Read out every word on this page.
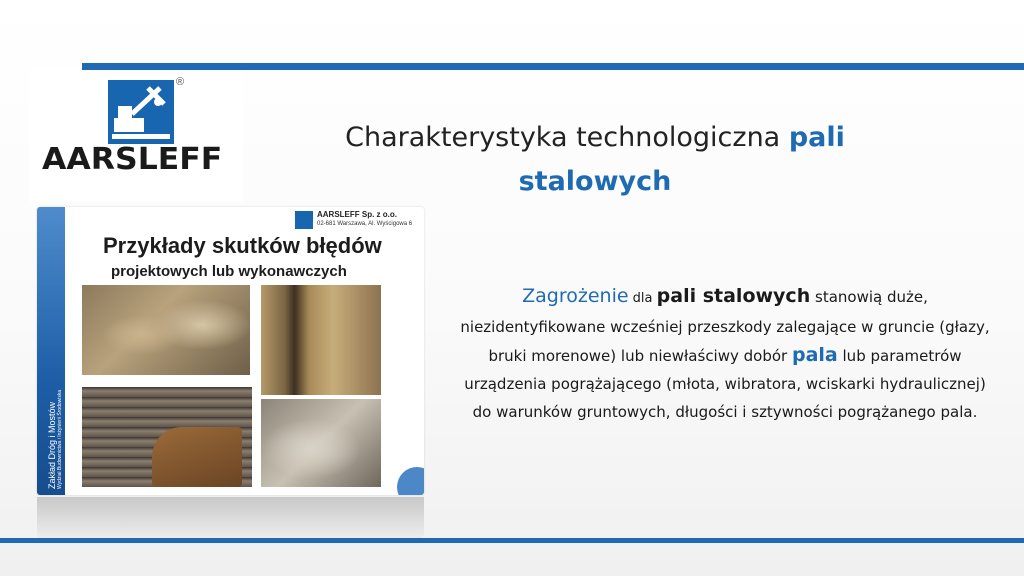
®
AARSLEFF
Charakterystyka technologiczna pali
stalowych
Zakład Dróg i Mostów Wydział Budownictwa i Inżynierii Środowiska
AARSLEFF Sp. z o.o.
02-681 Warszawa, Al. Wyścigowa 6
Przykłady skutków błędów
projektowych lub wykonawczych
Zagrożenie dla pali stalowych stanowią duże,
niezidentyfikowane wcześniej przeszkody zalegające w gruncie (głazy,
bruki morenowe) lub niewłaściwy dobór pala lub parametrów
urządzenia pogrążającego (młota, wibratora, wciskarki hydraulicznej)
do warunków gruntowych, długości i sztywności pogrążanego pala.
